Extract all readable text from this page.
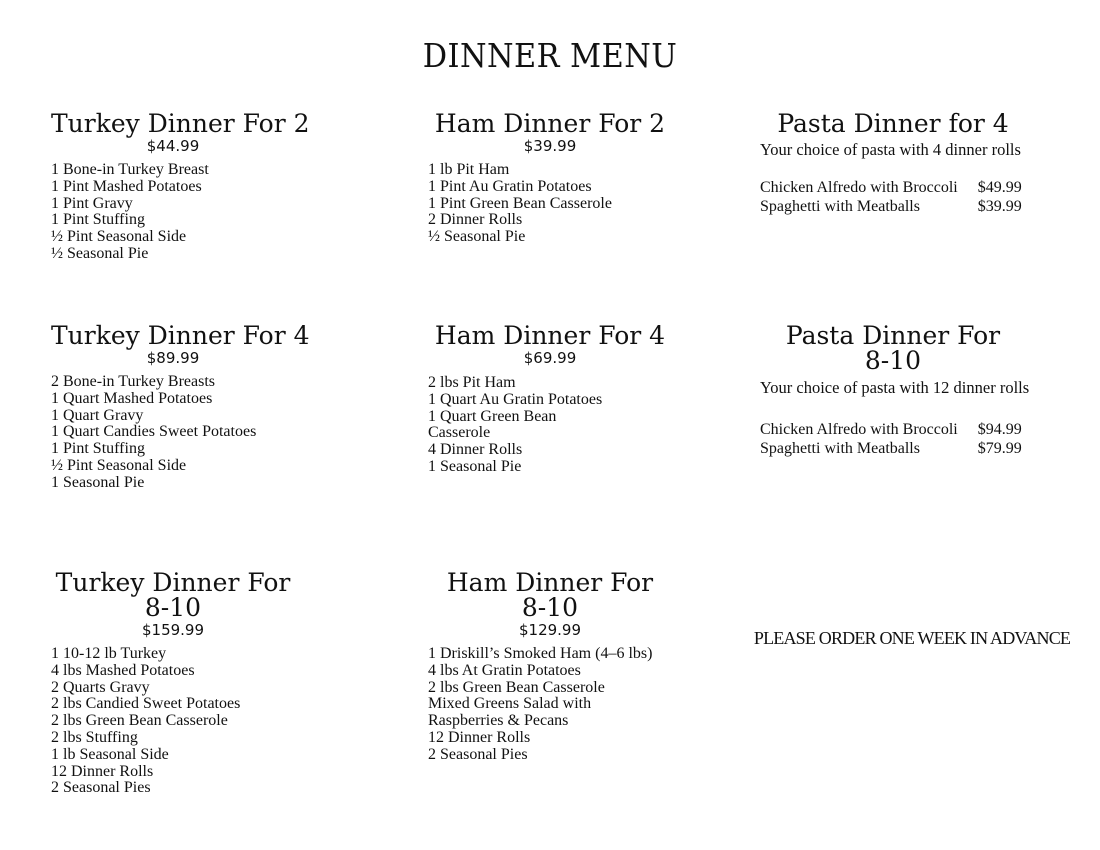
DINNER MENU
Turkey Dinner For 2
$44.99
1 Bone-in Turkey Breast
1 Pint Mashed Potatoes
1 Pint Gravy
1 Pint Stuffing
½ Pint Seasonal Side
½ Seasonal Pie
Ham Dinner For 2
$39.99
1 lb Pit Ham
1 Pint Au Gratin Potatoes
1 Pint Green Bean Casserole
2 Dinner Rolls
½ Seasonal Pie
Pasta Dinner for 4
Your choice of pasta with 4 dinner rolls
Chicken Alfredo with Broccoli	$49.99
Spaghetti with Meatballs	$39.99
Turkey Dinner For 4
$89.99
2 Bone-in Turkey Breasts
1 Quart Mashed Potatoes
1 Quart Gravy
1 Quart Candies Sweet Potatoes
1 Pint Stuffing
½ Pint Seasonal Side
1 Seasonal Pie
Ham Dinner For 4
$69.99
2 lbs Pit Ham
1 Quart Au Gratin Potatoes
1 Quart Green Bean
Casserole
4 Dinner Rolls
1 Seasonal Pie
Pasta Dinner For
8-10
Your choice of pasta with 12 dinner rolls
Chicken Alfredo with Broccoli	$94.99
Spaghetti with Meatballs	$79.99
Turkey Dinner For
8-10
$159.99
1 10-12 lb Turkey
4 lbs Mashed Potatoes
2 Quarts Gravy
2 lbs Candied Sweet Potatoes
2 lbs Green Bean Casserole
2 lbs Stuffing
1 lb Seasonal Side
12 Dinner Rolls
2 Seasonal Pies
Ham Dinner For
8-10
$129.99
1 Driskill’s Smoked Ham (4–6 lbs)
4 lbs At Gratin Potatoes
2 lbs Green Bean Casserole
Mixed Greens Salad with
Raspberries & Pecans
12 Dinner Rolls
2 Seasonal Pies
PLEASE ORDER ONE WEEK IN ADVANCE
